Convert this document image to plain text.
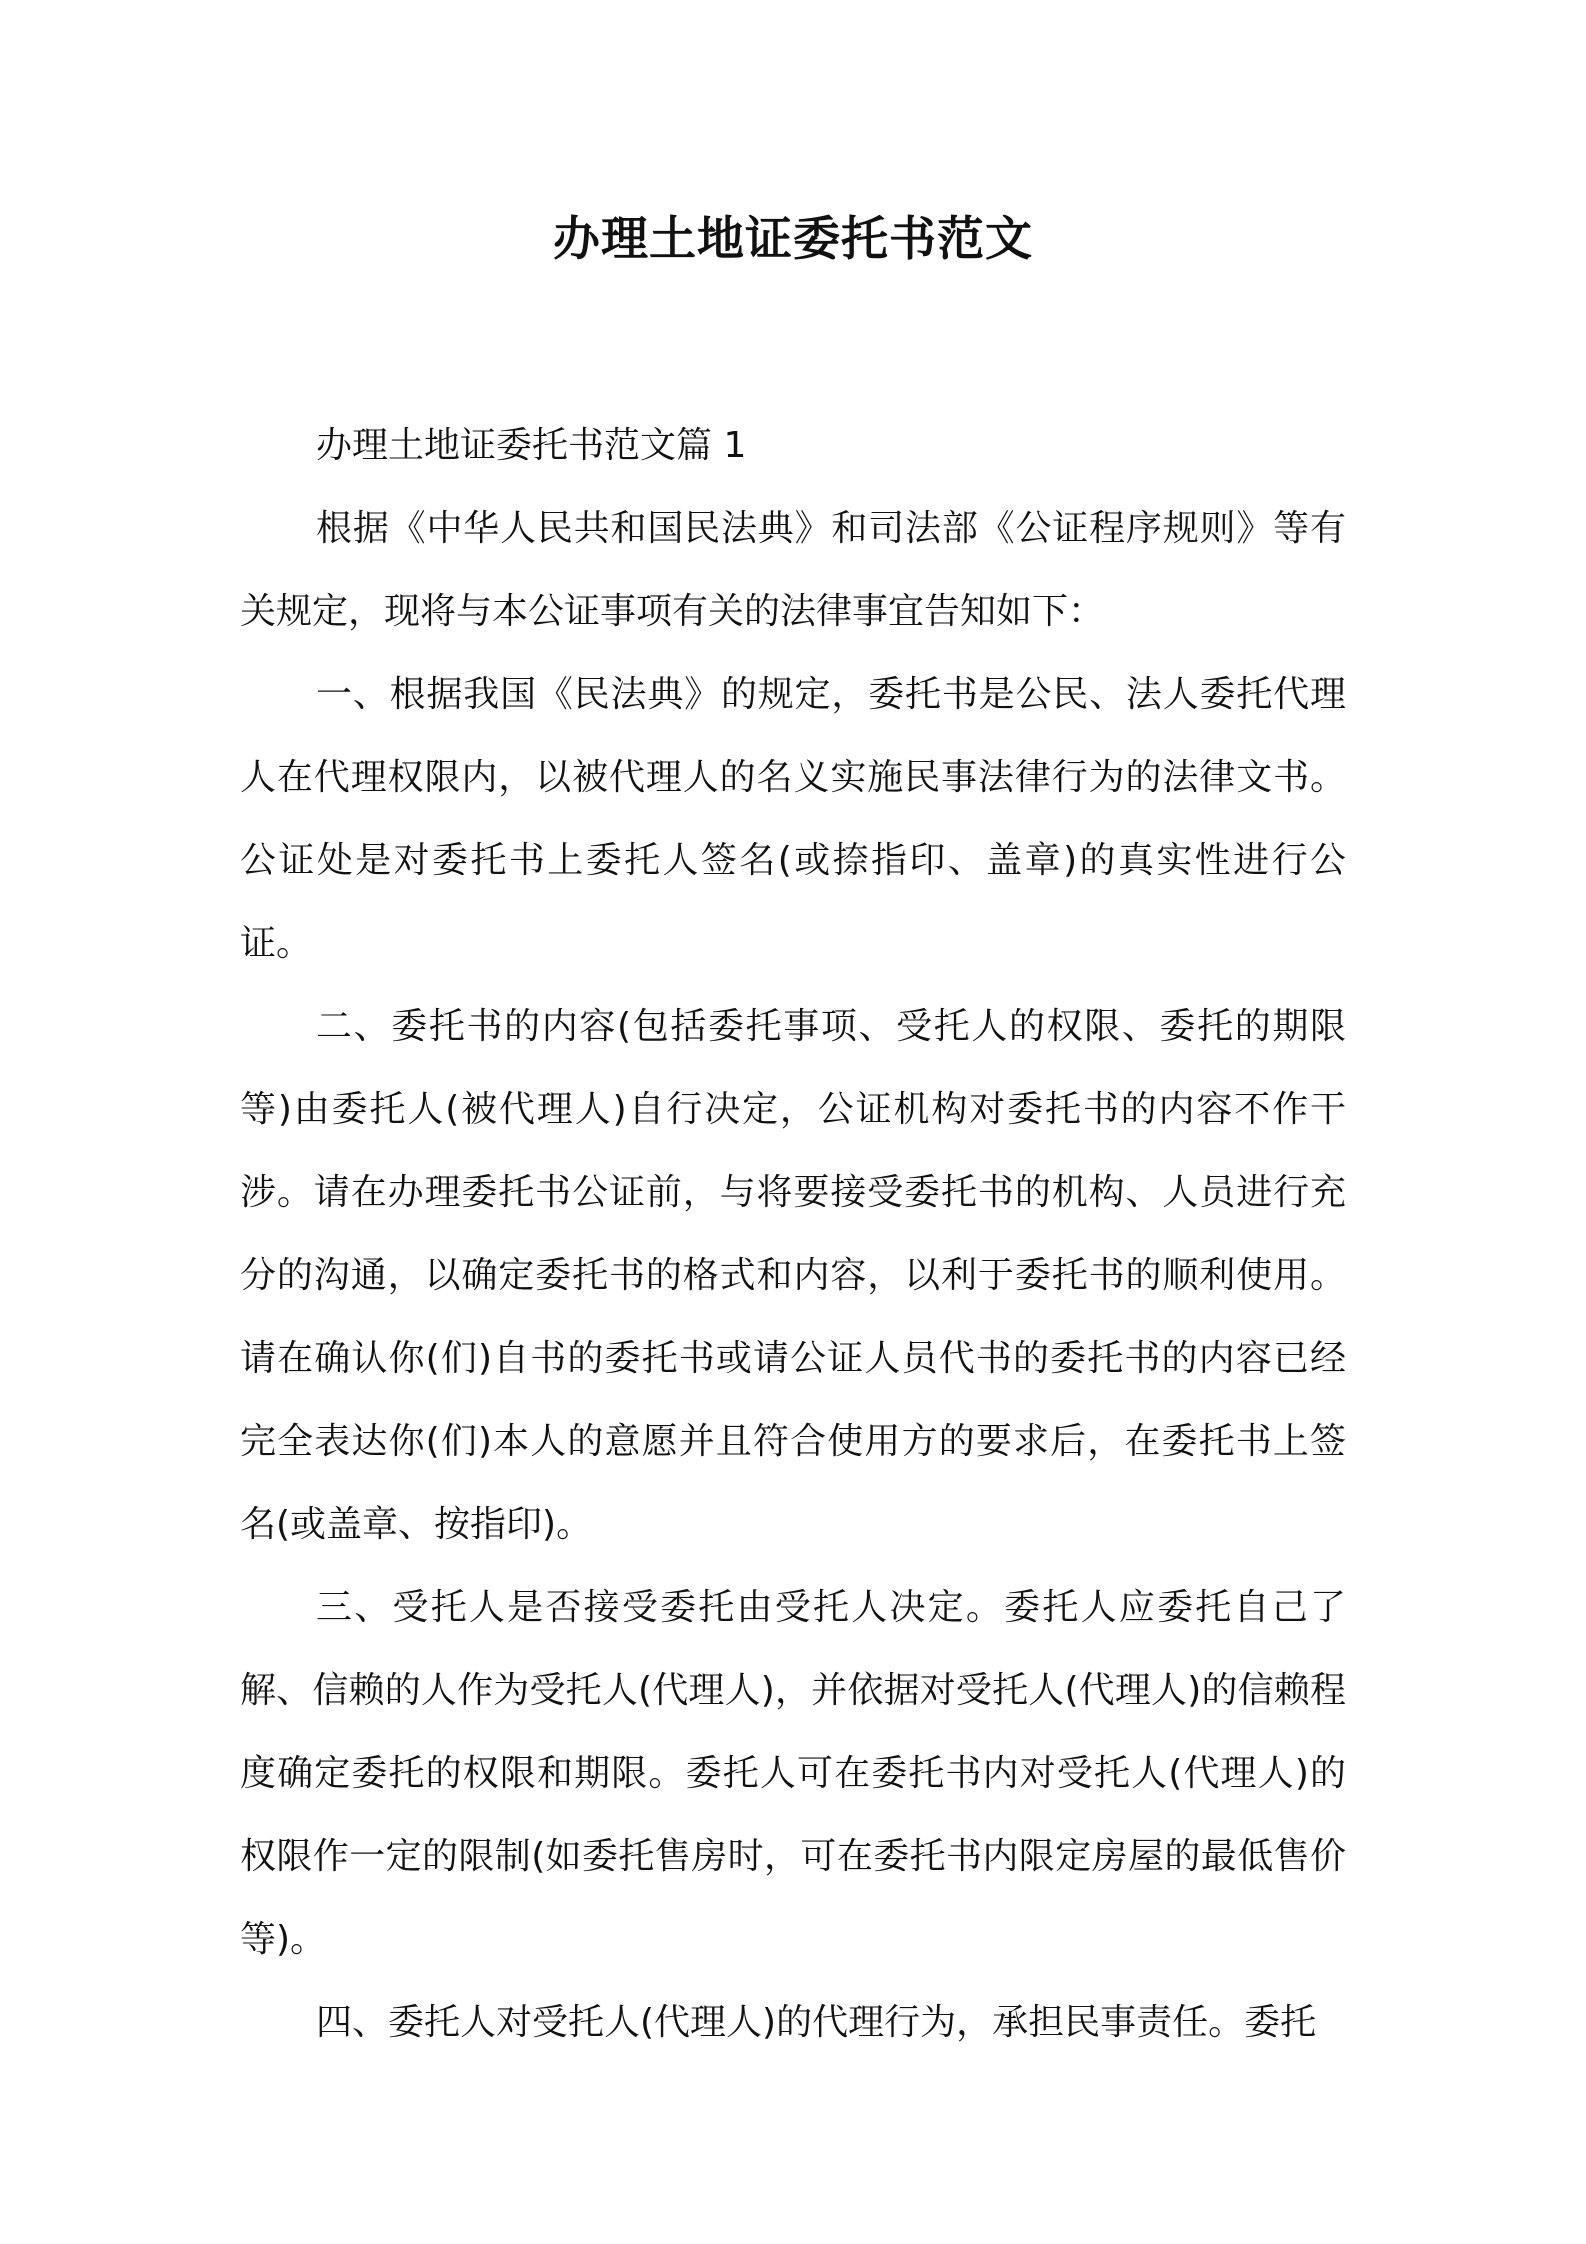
办理土地证委托书范文

办理土地证委托书范文篇 1

根据《中华人民共和国民法典》和司法部《公证程序规则》等有关规定，现将与本公证事项有关的法律事宜告知如下：

一、根据我国《民法典》的规定，委托书是公民、法人委托代理人在代理权限内，以被代理人的名义实施民事法律行为的法律文书。公证处是对委托书上委托人签名(或捺指印、盖章)的真实性进行公证。

二、委托书的内容(包括委托事项、受托人的权限、委托的期限等)由委托人(被代理人)自行决定，公证机构对委托书的内容不作干涉。请在办理委托书公证前，与将要接受委托书的机构、人员进行充分的沟通，以确定委托书的格式和内容，以利于委托书的顺利使用。请在确认你(们)自书的委托书或请公证人员代书的委托书的内容已经完全表达你(们)本人的意愿并且符合使用方的要求后，在委托书上签名(或盖章、按指印)。

三、受托人是否接受委托由受托人决定。委托人应委托自己了解、信赖的人作为受托人(代理人)，并依据对受托人(代理人)的信赖程度确定委托的权限和期限。委托人可在委托书内对受托人(代理人)的权限作一定的限制(如委托售房时，可在委托书内限定房屋的最低售价等)。

四、委托人对受托人(代理人)的代理行为，承担民事责任。委托
